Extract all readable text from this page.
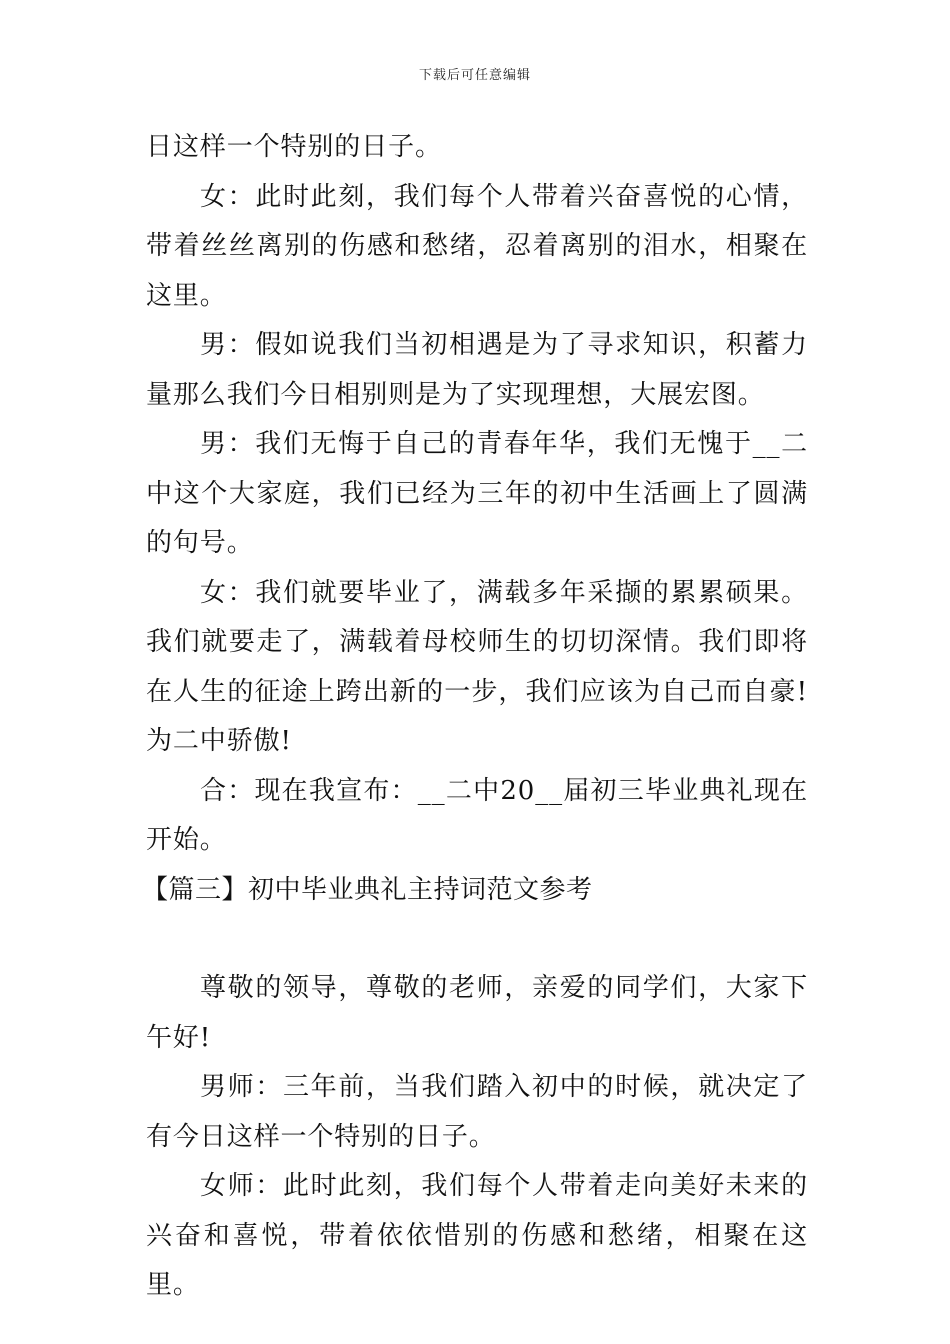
下载后可任意编辑

日这样一个特别的日子。

女：此时此刻，我们每个人带着兴奋喜悦的心情，带着丝丝离别的伤感和愁绪，忍着离别的泪水，相聚在这里。

男：假如说我们当初相遇是为了寻求知识，积蓄力量那么我们今日相别则是为了实现理想，大展宏图。

男：我们无悔于自己的青春年华，我们无愧于__二中这个大家庭，我们已经为三年的初中生活画上了圆满的句号。

女：我们就要毕业了，满载多年采撷的累累硕果。我们就要走了，满载着母校师生的切切深情。我们即将在人生的征途上跨出新的一步，我们应该为自己而自豪!为二中骄傲!

合：现在我宣布：__二中20__届初三毕业典礼现在开始。

【篇三】初中毕业典礼主持词范文参考

尊敬的领导，尊敬的老师，亲爱的同学们，大家下午好!

男师：三年前，当我们踏入初中的时候，就决定了有今日这样一个特别的日子。

女师：此时此刻，我们每个人带着走向美好未来的兴奋和喜悦，带着依依惜别的伤感和愁绪，相聚在这里。
